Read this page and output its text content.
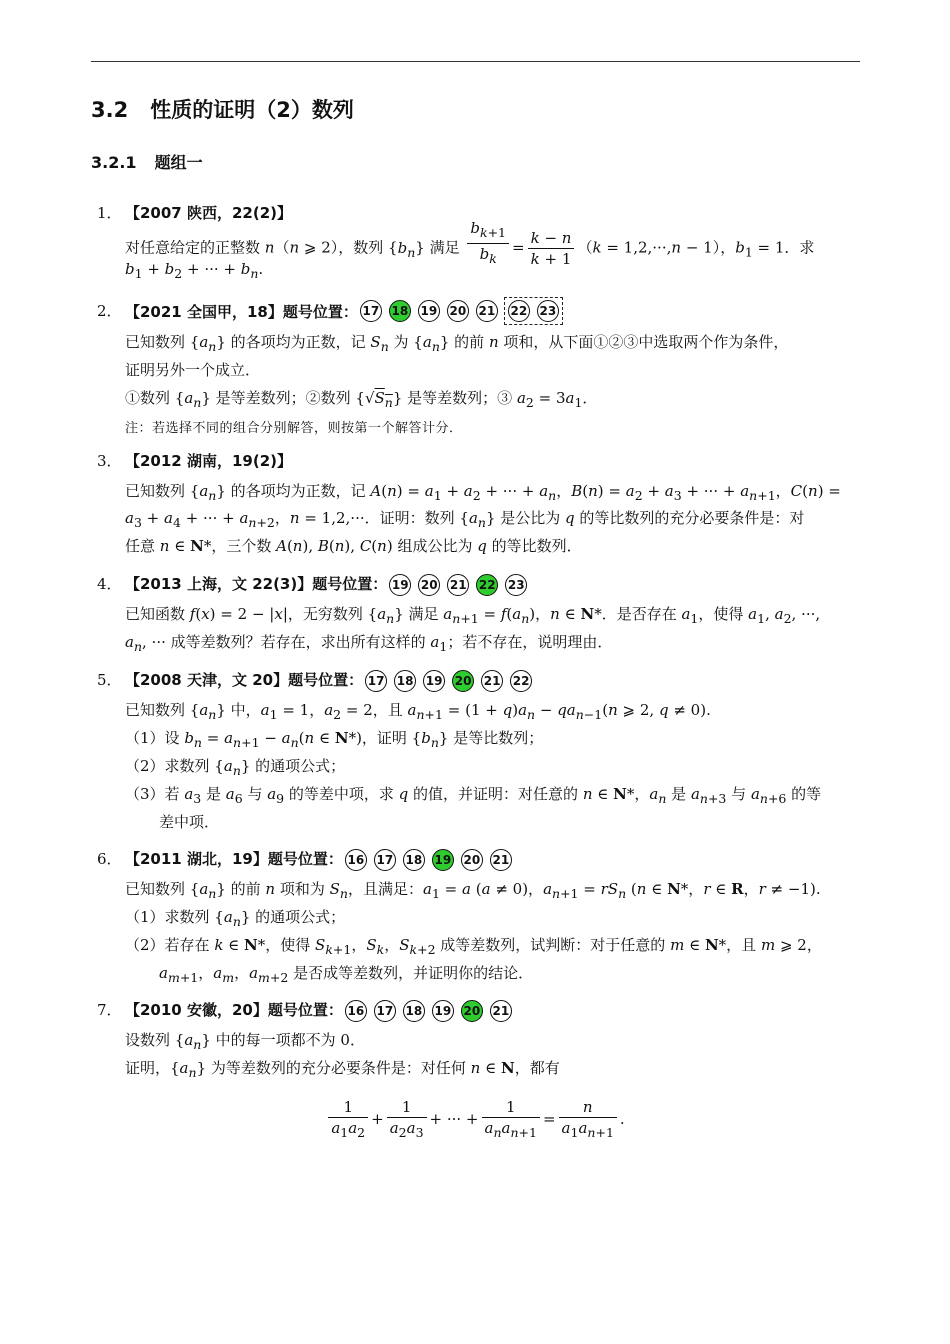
3.2 性质的证明（2）数列
3.2.1 题组一
1． 【2007 陕西，22(2)】
对任意给定的正整数 n（n ⩾ 2），数列 $\{b_n\}$ 满足 $\frac{b_{k+1}}{b_k} = \frac{k - n}{k + 1} (k = 1,2,\cdot\cdot\cdot,n - 1)$，$b_1 = 1$．求
$b_1 + b_2$ + ··· + $b_n$.
2． 【2021 全国甲，18】题号位置： 17 18 19 20 21 22 23
已知数列 $\{a_n\}$ 的各项均为正数，记 $S_n$ 为 $\{a_n\}$ 的前 n 项和，从下面①②③中选取两个作为条件，
证明另外一个成立．
①数列 $\{a_n\}$ 是等差数列；②数列 $\{√S_n\}$ 是等差数列；③ $a_2 = 3a_1$．
注：若选择不同的组合分别解答，则按第一个解答计分．
3． 【2012 湖南，19(2)】
已知数列 $\{a_n\}$ 的各项均为正数，记 $A(n) = a_1 + a_2$ + ··· + $a_n$，$B(n) = a_2 + a_3$ + ··· + $a_{n+1}$，C(n) =
$a_3 + a_4$ + ··· + $a_{n+2}$，n = 1,2,···．证明：数列 $\{a_n\}$ 是公比为 q 的等比数列的充分必要条件是：对
任意 n ∈ N*，三个数 A(n), B(n), C(n) 组成公比为 q 的等比数列．
4． 【2013 上海，文 22(3)】题号位置： 19 20 21 22 23
已知函数 f(x) = 2 − |x|，无穷数列 $\{a_n\}$ 满足 $a_{n+1} = f(a_n)$，n ∈ N*．是否存在 $a_1$，使得 $a_1$, $a_2$, ···,
$a_n$, ··· 成等差数列？若存在，求出所有这样的 $a_1$；若不存在，说明理由．
5． 【2008 天津，文 20】题号位置： 17 18 19 20 21 22
已知数列 $\{a_n\}$ 中，$a_1 = 1$，$a_2 = 2$，且 $a_{n+1} = (1 + q)a_n - qa_{n-1}(n$ ⩾ 2, q ≠ 0).
（1）设 $b_n = a_{n+1} - a_n(n$ ∈ N*)，证明 $\{b_n\}$ 是等比数列；
（2）求数列 $\{a_n\}$ 的通项公式；
（3）若 $a_3$ 是 $a_6$ 与 $a_9$ 的等差中项，求 q 的值，并证明：对任意的 n ∈ N*，$a_n$ 是 $a_{n+3}$ 与 $a_{n+6}$ 的等
差中项．
6． 【2011 湖北，19】题号位置： 16 17 18 19 20 21
已知数列 $\{a_n\}$ 的前 n 项和为 $S_n$，且满足：$a_1 = a$ (a ≠ 0)，$a_{n+1} = rS_n$ (n ∈ N*，r ∈ R，r ≠ −1).
（1）求数列 $\{a_n\}$ 的通项公式；
（2）若存在 k ∈ N*，使得 $S_{k+1}$，$S_k$，$S_{k+2}$ 成等差数列，试判断：对于任意的 m ∈ N*，且 m ⩾ 2，
$a_{m+1}$，$a_m$，$a_{m+2}$ 是否成等差数列，并证明你的结论．
7． 【2010 安徽，20】题号位置： 16 17 18 19 20 21
设数列 $\{a_n\}$ 中的每一项都不为 0．
证明，$\{a_n\}$ 为等差数列的充分必要条件是：对任何 n ∈ N，都有
$\frac{1}{a_1a_2} + \frac{1}{a_2a_3}$ + ··· + $\frac{1}{a_na_{n+1}} = \frac{n}{a_1a_{n+1}}$ .
